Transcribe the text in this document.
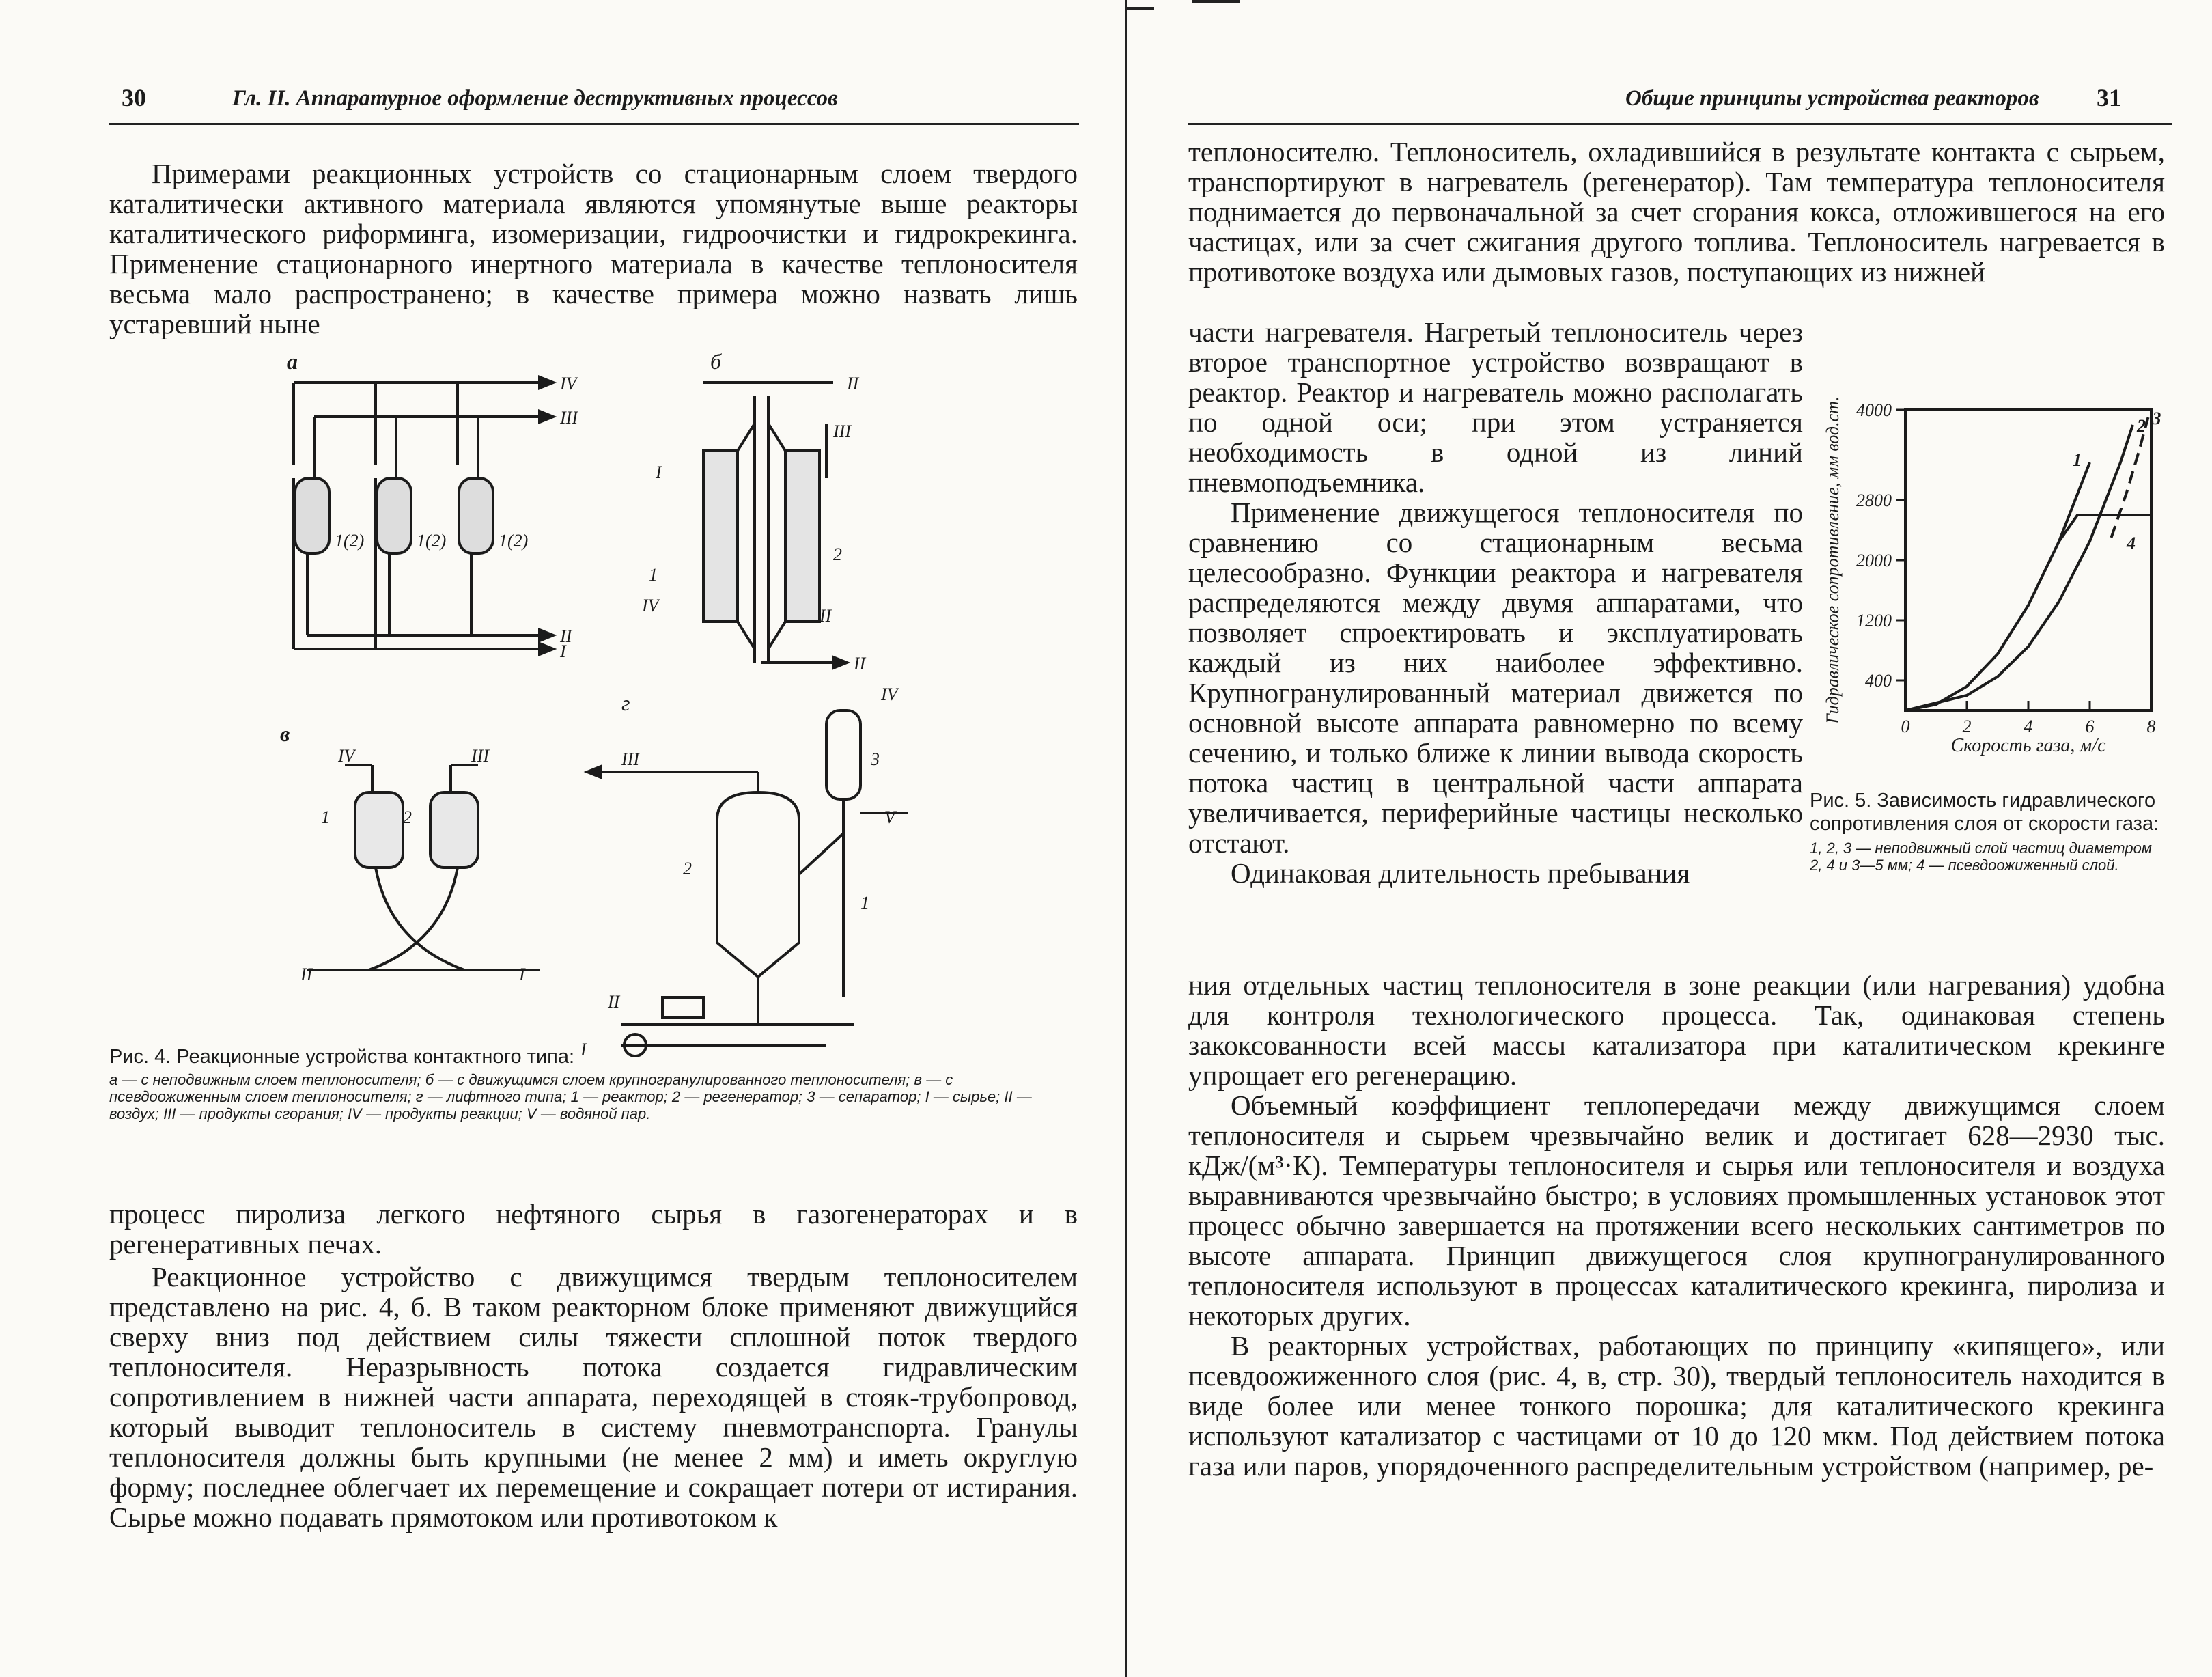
30	Гл. II. Аппаратурное оформление деструктивных процессов

Примерами реакционных устройств со стационарным слоем твердого каталитически активного материала являются упомянутые выше реакторы каталитического риформинга, изомеризации, гидроочистки и гидрокрекинга. Применение стационарного инертного материала в качестве теплоносителя весьма мало распространено; в качестве примера можно назвать лишь устаревший ныне

а
IV
III
II
I
1(2)	1(2)	1(2)
б
II
III
I
1
IV
2
II
II
в
IV	III
1	2
II	I
г	IV
III	3
V
2
1
II
I
Рис. 4. Реакционные устройства контактного типа:
а — с неподвижным слоем теплоносителя; б — с движущимся слоем крупногранулированного теплоносителя; в — с псевдоожиженным слоем теплоносителя; г — лифтного типа; 1 — реактор; 2 — регенератор; 3 — сепаратор; I — сырье; II — воздух; III — продукты сгорания; IV — продукты реакции; V — водяной пар.

процесс пиролиза легкого нефтяного сырья в газогенераторах и в регенеративных печах.

Реакционное устройство с движущимся твердым теплоносителем представлено на рис. 4, б. В таком реакторном блоке применяют движущийся сверху вниз под действием силы тяжести сплошной поток твердого теплоносителя. Неразрывность потока создается гидравлическим сопротивлением в нижней части аппарата, переходящей в стояк-трубопровод, который выводит теплоноситель в систему пневмотранспорта. Гранулы теплоносителя должны быть крупными (не менее 2 мм) и иметь округлую форму; последнее облегчает их перемещение и сокращает потери от истирания. Сырье можно подавать прямотоком или противотоком к

Общие принципы устройства реакторов 31

теплоносителю. Теплоноситель, охладившийся в результате контакта с сырьем, транспортируют в нагреватель (регенератор). Там температура теплоносителя поднимается до первоначальной за счет сгорания кокса, отложившегося на его частицах, или за счет сжигания другого топлива. Теплоноситель нагревается в противотоке воздуха или дымовых газов, поступающих из нижней

части нагревателя. Нагретый теплоноситель через второе транспортное устройство возвращают в реактор. Реактор и нагреватель можно располагать по одной оси; при этом устраняется необходимость в одной из линий пневмоподъемника.

Применение движущегося теплоносителя по сравнению со стационарным весьма целесообразно. Функции реактора и нагревателя распределяются между двумя аппаратами, что позволяет спроектировать и эксплуатировать каждый из них наиболее эффективно. Крупногранулированный материал движется по основной высоте аппарата равномерно по всему сечению, и только ближе к линии вывода скорость потока частиц в центральной части аппарата увеличивается, периферийные частицы несколько отстают.

Одинаковая длительность пребывания

Гидравлическое сопротивление, мм вод.ст.
Скорость газа, м/с
400
1200
2000
2800
4000
0	2	4	6	8
1
2 3
4
Рис. 5. Зависимость гидравлического сопротивления слоя от скорости газа:
1, 2, 3 — неподвижный слой частиц диаметром 2, 4 и 3—5 мм; 4 — псевдоожиженный слой.

ния отдельных частиц теплоносителя в зоне реакции (или нагревания) удобна для контроля технологического процесса. Так, одинаковая степень закоксованности всей массы катализатора при каталитическом крекинге упрощает его регенерацию.

Объемный коэффициент теплопередачи между движущимся слоем теплоносителя и сырьем чрезвычайно велик и достигает 628—2930 тыс. кДж/(м³·К). Температуры теплоносителя и сырья или теплоносителя и воздуха выравниваются чрезвычайно быстро; в условиях промышленных установок этот процесс обычно завершается на протяжении всего нескольких сантиметров по высоте аппарата. Принцип движущегося слоя крупногранулированного теплоносителя используют в процессах каталитического крекинга, пиролиза и некоторых других.

В реакторных устройствах, работающих по принципу «кипящего», или псевдоожиженного слоя (рис. 4, в, стр. 30), твердый теплоноситель находится в виде более или менее тонкого порошка; для каталитического крекинга используют катализатор с частицами от 10 до 120 мкм. Под действием потока газа или паров, упорядоченного распределительным устройством (например, ре-
